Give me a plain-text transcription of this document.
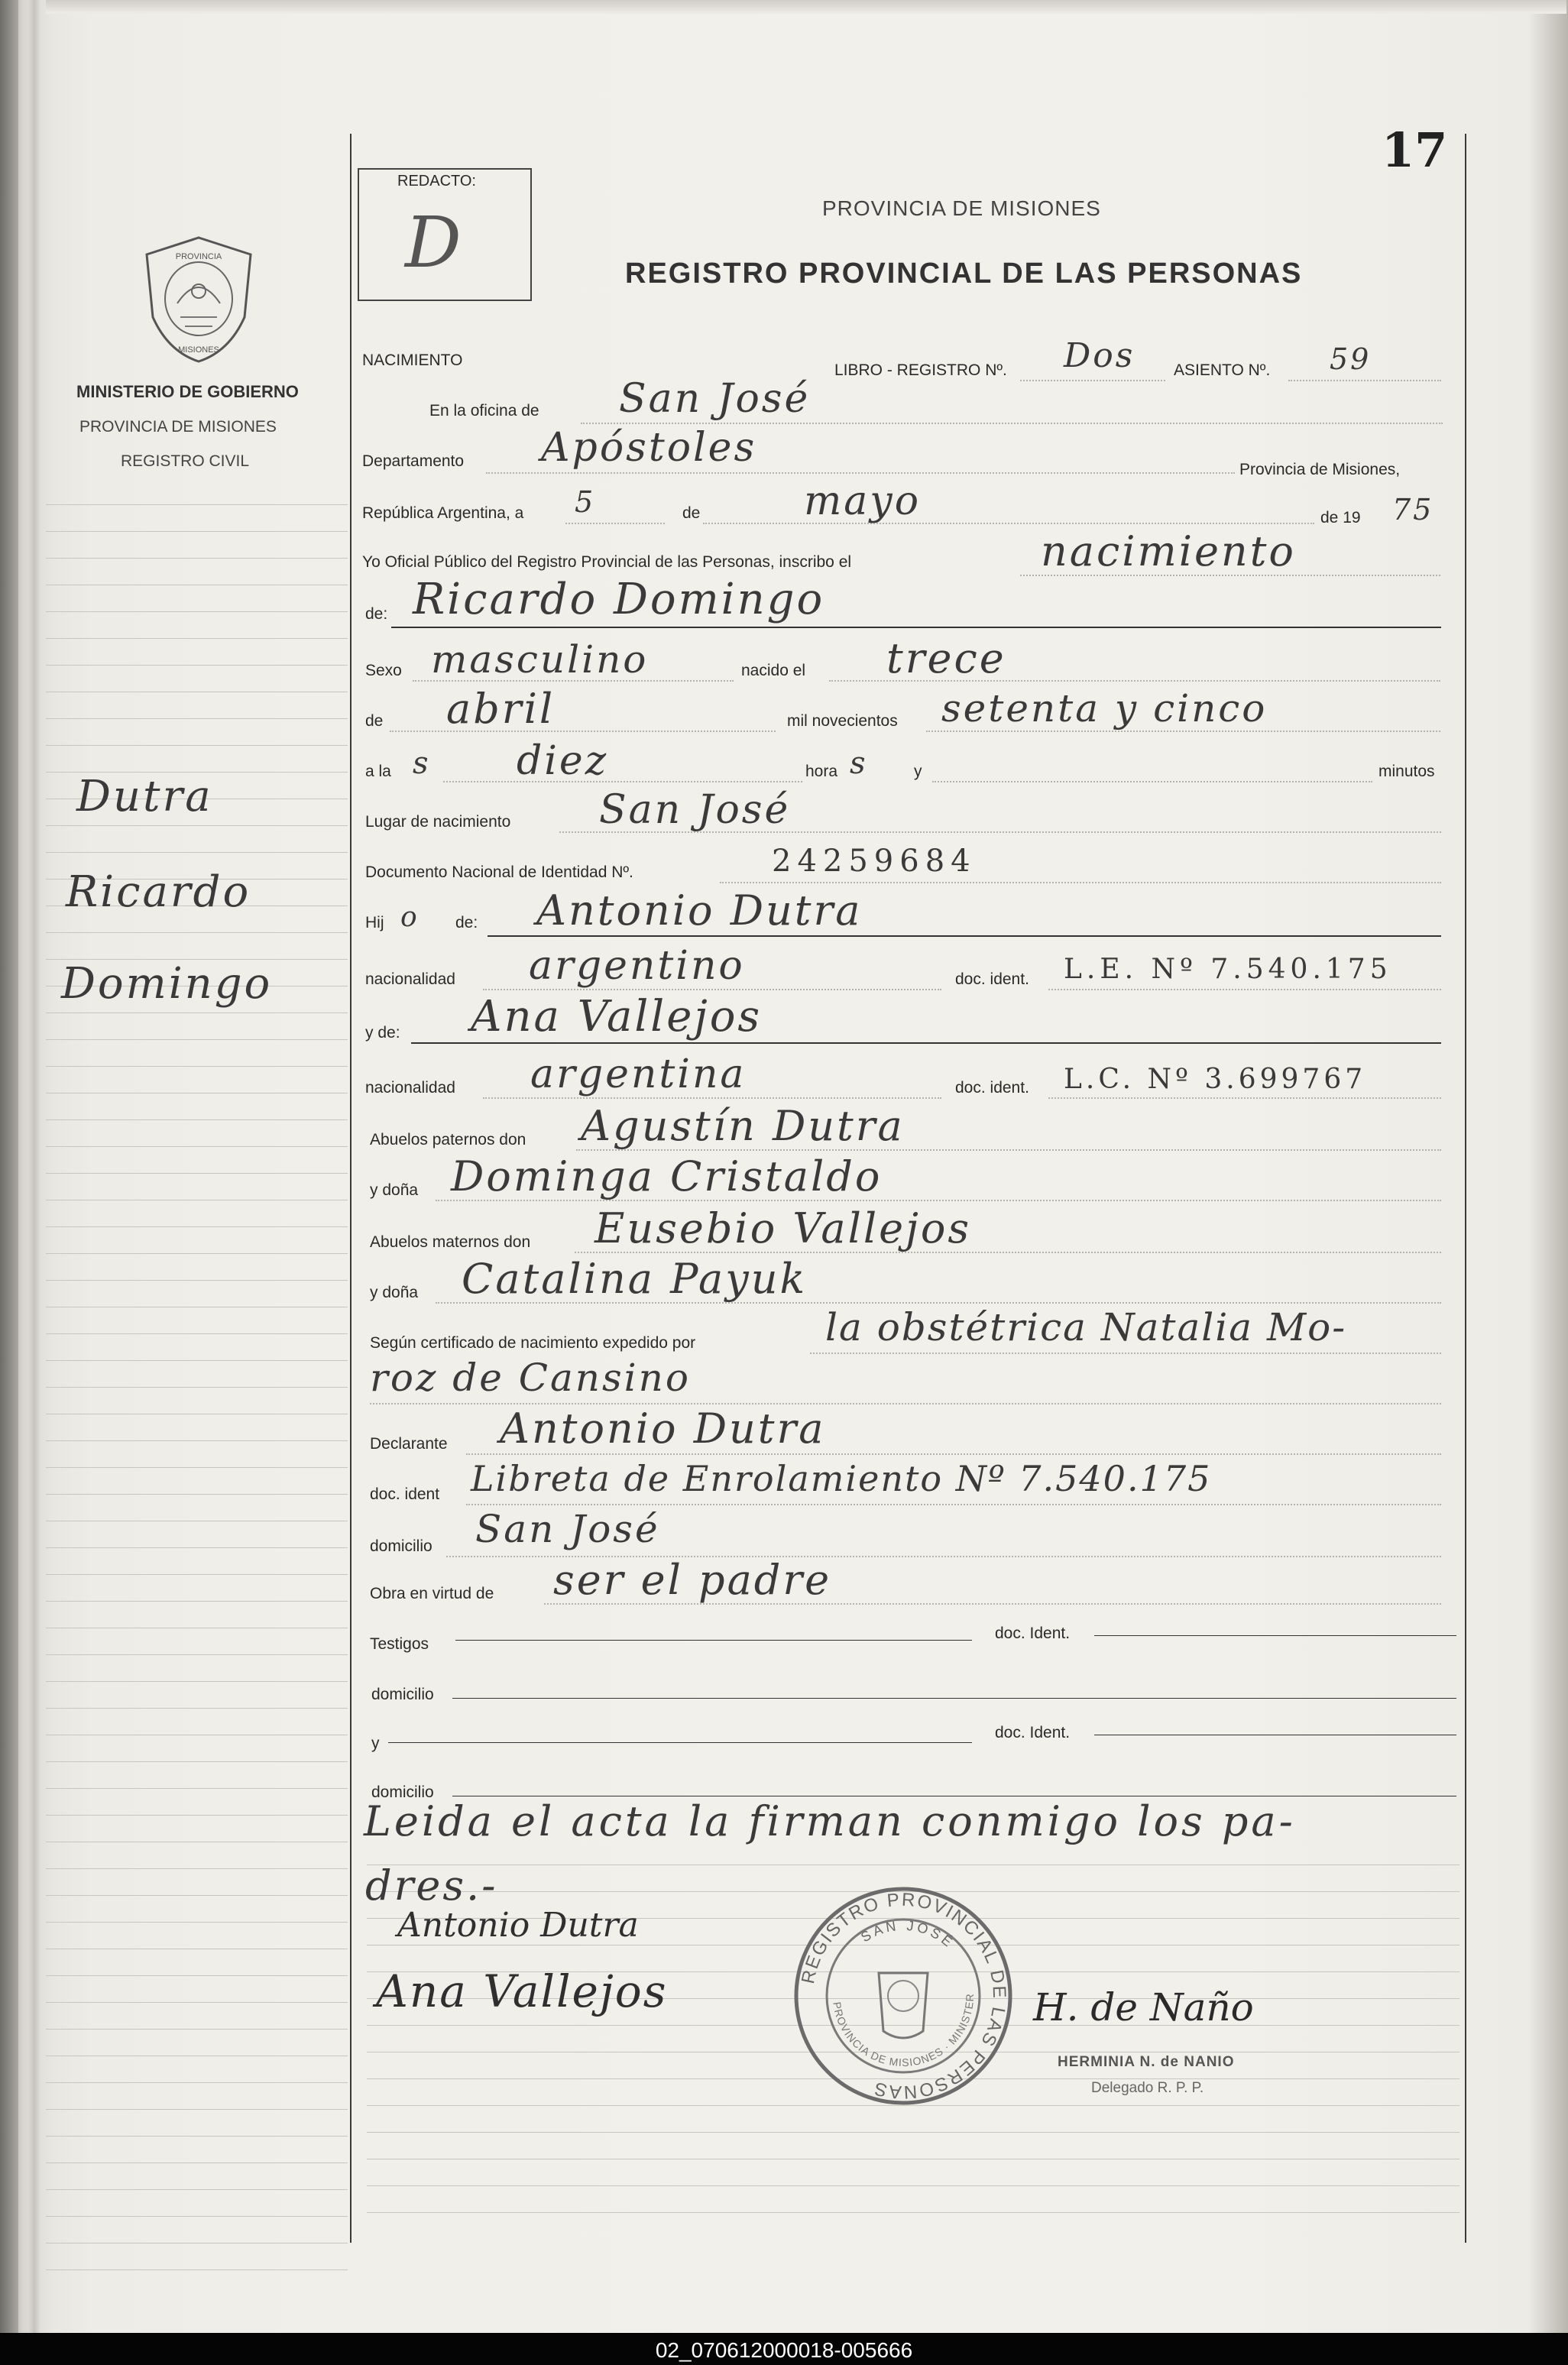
17
REDACTO:
D	PROVINCIA DE MISIONES
REGISTRO PROVINCIAL DE LAS PERSONAS
PROVINCIA
MISIONES
MINISTERIO DE GOBIERNO
PROVINCIA DE MISIONES
REGISTRO CIVIL
Dutra
Ricardo
Domingo
NACIMIENTO
LIBRO - REGISTRO Nº. Dos ASIENTO Nº. 59
En la oficina de San José
Departamento Apóstoles	Provincia de Misiones,
República Argentina, a 5	de	mayo	de 19 75
Yo Oficial Público del Registro Provincial de las Personas, inscribo el	nacimiento
de: Ricardo Domingo
Sexo masculino	nacido el trece
de abril	mil novecientos setenta y cinco
a la s diez	hora s	y	minutos
Lugar de nacimiento San José
Documento Nacional de Identidad Nº.	24259684
Hij o de: Antonio Dutra
nacionalidad argentino	doc. ident. L.E. Nº 7.540.175
y de: Ana Vallejos
nacionalidad argentina	doc. ident. L.C. Nº 3.699767
Abuelos paternos don Agustín Dutra
y doña Dominga Cristaldo
Abuelos maternos don Eusebio Vallejos
y doña Catalina Payuk
Según certificado de nacimiento expedido por	la obstétrica Natalia Mo-
roz de Cansino
Declarante Antonio Dutra
doc. ident Libreta de Enrolamiento Nº 7.540.175
domicilio San José
Obra en virtud de ser el padre
Testigos
doc. Ident.
domicilio
y
doc. Ident.
domicilio
Leida el acta la firman conmigo los pa-
dres.-
Antonio Dutra
Ana Vallejos	H. de Naño
REGISTRO PROVINCIAL DE LAS PERSONAS
SAN JOSÉ
PROVINCIA DE MISIONES · MINISTER
HERMINIA N. de NANIO
Delegado R. P. P.
02_070612000018-005666
